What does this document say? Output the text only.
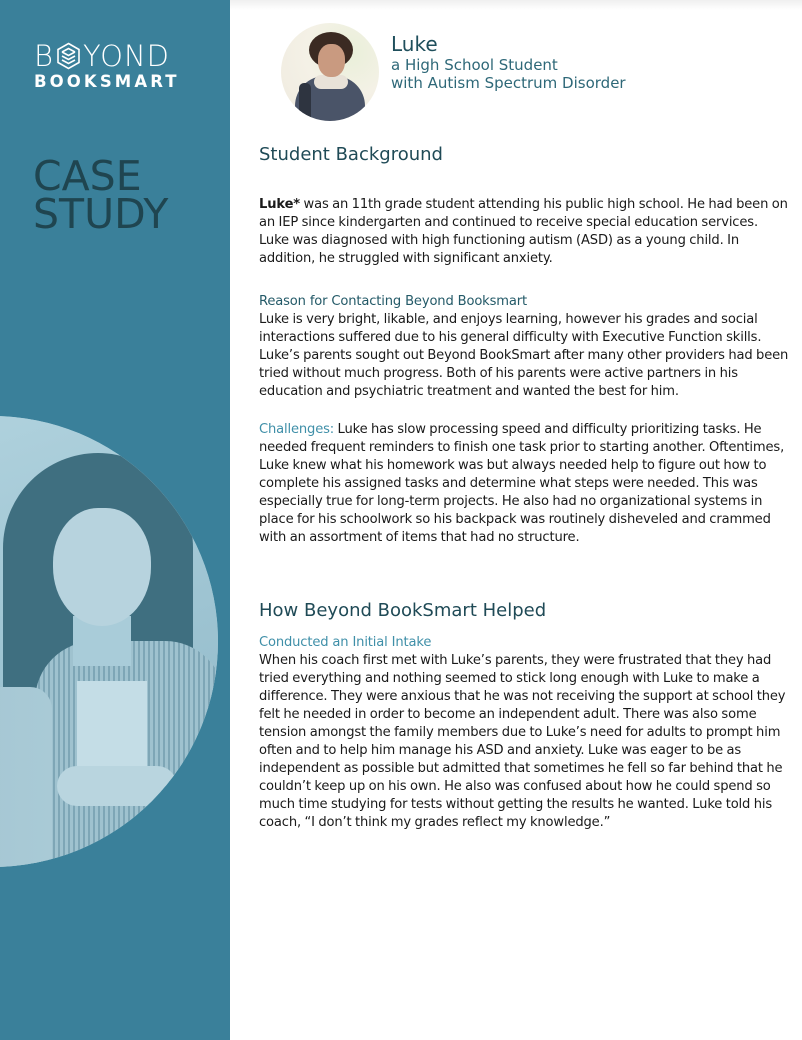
B YOND
BOOKSMART
CASE
STUDY
Luke
a High School Student
with Autism Spectrum Disorder
Student Background

Luke* was an 11th grade student attending his public high school. He had been on an IEP since kindergarten and continued to receive special education services. Luke was diagnosed with high functioning autism (ASD) as a young child. In addition, he struggled with significant anxiety.

Reason for Contacting Beyond Booksmart

Luke is very bright, likable, and enjoys learning, however his grades and social interactions suffered due to his general difficulty with Executive Function skills. Luke’s parents sought out Beyond BookSmart after many other providers had been tried without much progress. Both of his parents were active partners in his education and psychiatric treatment and wanted the best for him.

Challenges: Luke has slow processing speed and difficulty prioritizing tasks. He needed frequent reminders to finish one task prior to starting another. Oftentimes, Luke knew what his homework was but always needed help to figure out how to complete his assigned tasks and determine what steps were needed. This was especially true for long-term projects. He also had no organizational systems in place for his schoolwork so his backpack was routinely disheveled and crammed with an assortment of items that had no structure.

How Beyond BookSmart Helped
Conducted an Initial Intake

When his coach first met with Luke’s parents, they were frustrated that they had tried everything and nothing seemed to stick long enough with Luke to make a difference. They were anxious that he was not receiving the support at school they felt he needed in order to become an independent adult. There was also some tension amongst the family members due to Luke’s need for adults to prompt him often and to help him manage his ASD and anxiety. Luke was eager to be as independent as possible but admitted that sometimes he fell so far behind that he couldn’t keep up on his own. He also was confused about how he could spend so much time studying for tests without getting the results he wanted. Luke told his coach, “I don’t think my grades reflect my knowledge.”
